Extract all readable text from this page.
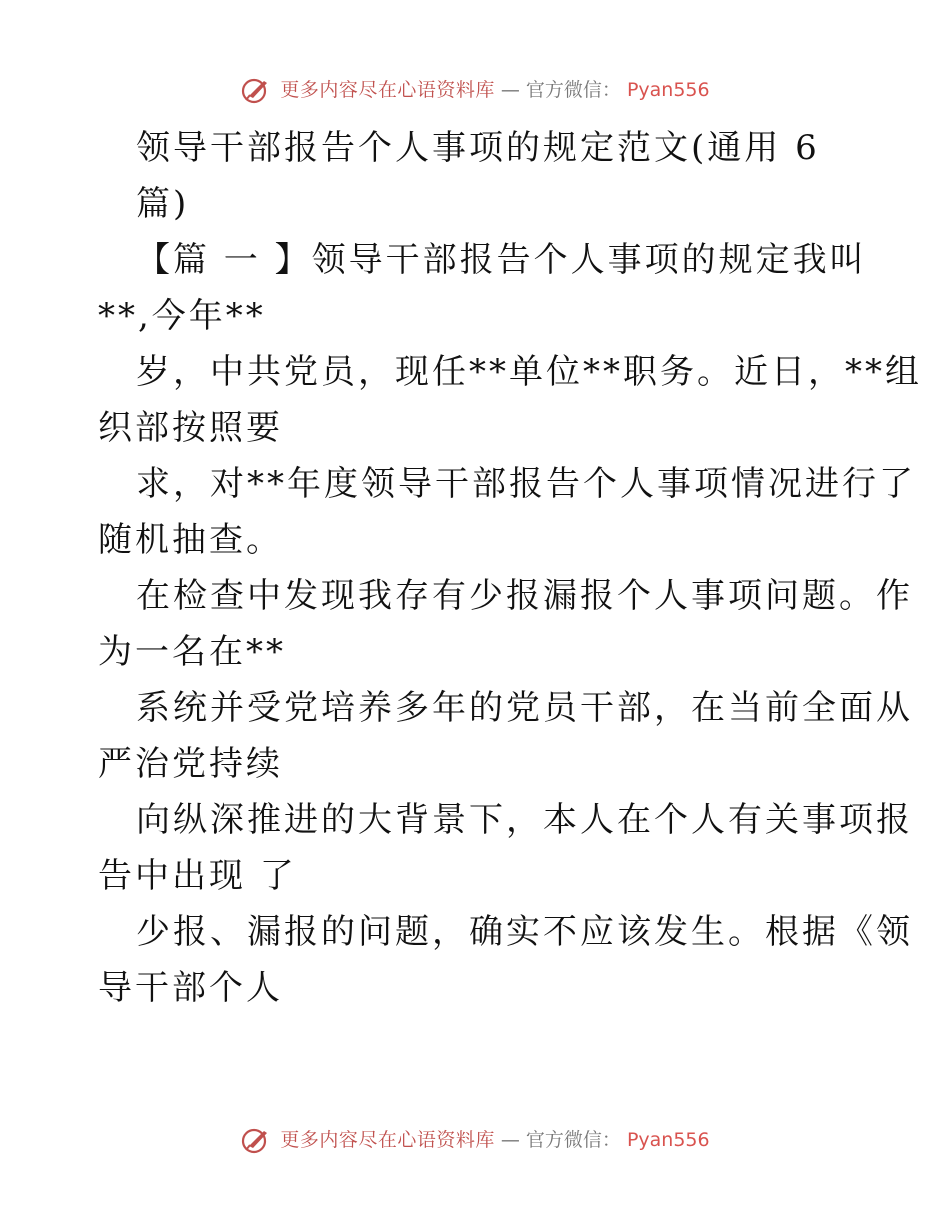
更多内容尽在心语资料库 — 官方微信： Pyan556
领导干部报告个人事项的规定范文(通用 6
篇)
【篇 一 】领导干部报告个人事项的规定我叫
**,今年**
岁，中共党员，现任**单位**职务。近日，**组
织部按照要
求，对**年度领导干部报告个人事项情况进行了
随机抽查。
在检查中发现我存有少报漏报个人事项问题。作
为一名在**
系统并受党培养多年的党员干部，在当前全面从
严治党持续
向纵深推进的大背景下，本人在个人有关事项报
告中出现 了
少报、漏报的问题，确实不应该发生。根据《领
导干部个人
更多内容尽在心语资料库 — 官方微信： Pyan556
